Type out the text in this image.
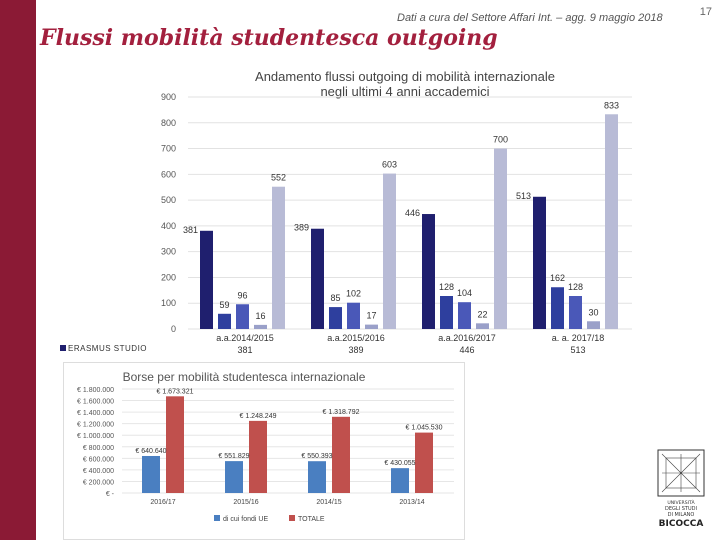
17
Dati a cura del Settore Affari Int. – agg. 9 maggio 2018
Flussi mobilità studentesca outgoing
Andamento flussi outgoing di mobilità internazionale
negli ultimi 4 anni accademici
0
100
200
300
400
500
600
700
800
900
381
59
96
16
552
389
85 102
17
603
446
128
104
22
700
513
162
128
30
833
a.a.2014/2015
381
a.a.2015/2016
389
a.a.2016/2017
446
a. a. 2017/18
513
ERASMUS STUDIO
Borse per mobilità studentesca internazionale
€ -
€ 200.000
€ 400.000
€ 600.000
€ 800.000
€ 1.000.000
€ 1.200.000
€ 1.400.000
€ 1.600.000
€ 1.800.000
€ 640.640
€ 1.673.321
€ 551.829
€ 1.248.249
€ 550.393
€ 1.318.792
€ 430.055
€ 1.045.530
2016/17	2015/16	2014/15	2013/14
di cui fondi UE	TOTALE
UNIVERSITÀ
DEGLI STUDI
DI MILANO
BICOCCA
